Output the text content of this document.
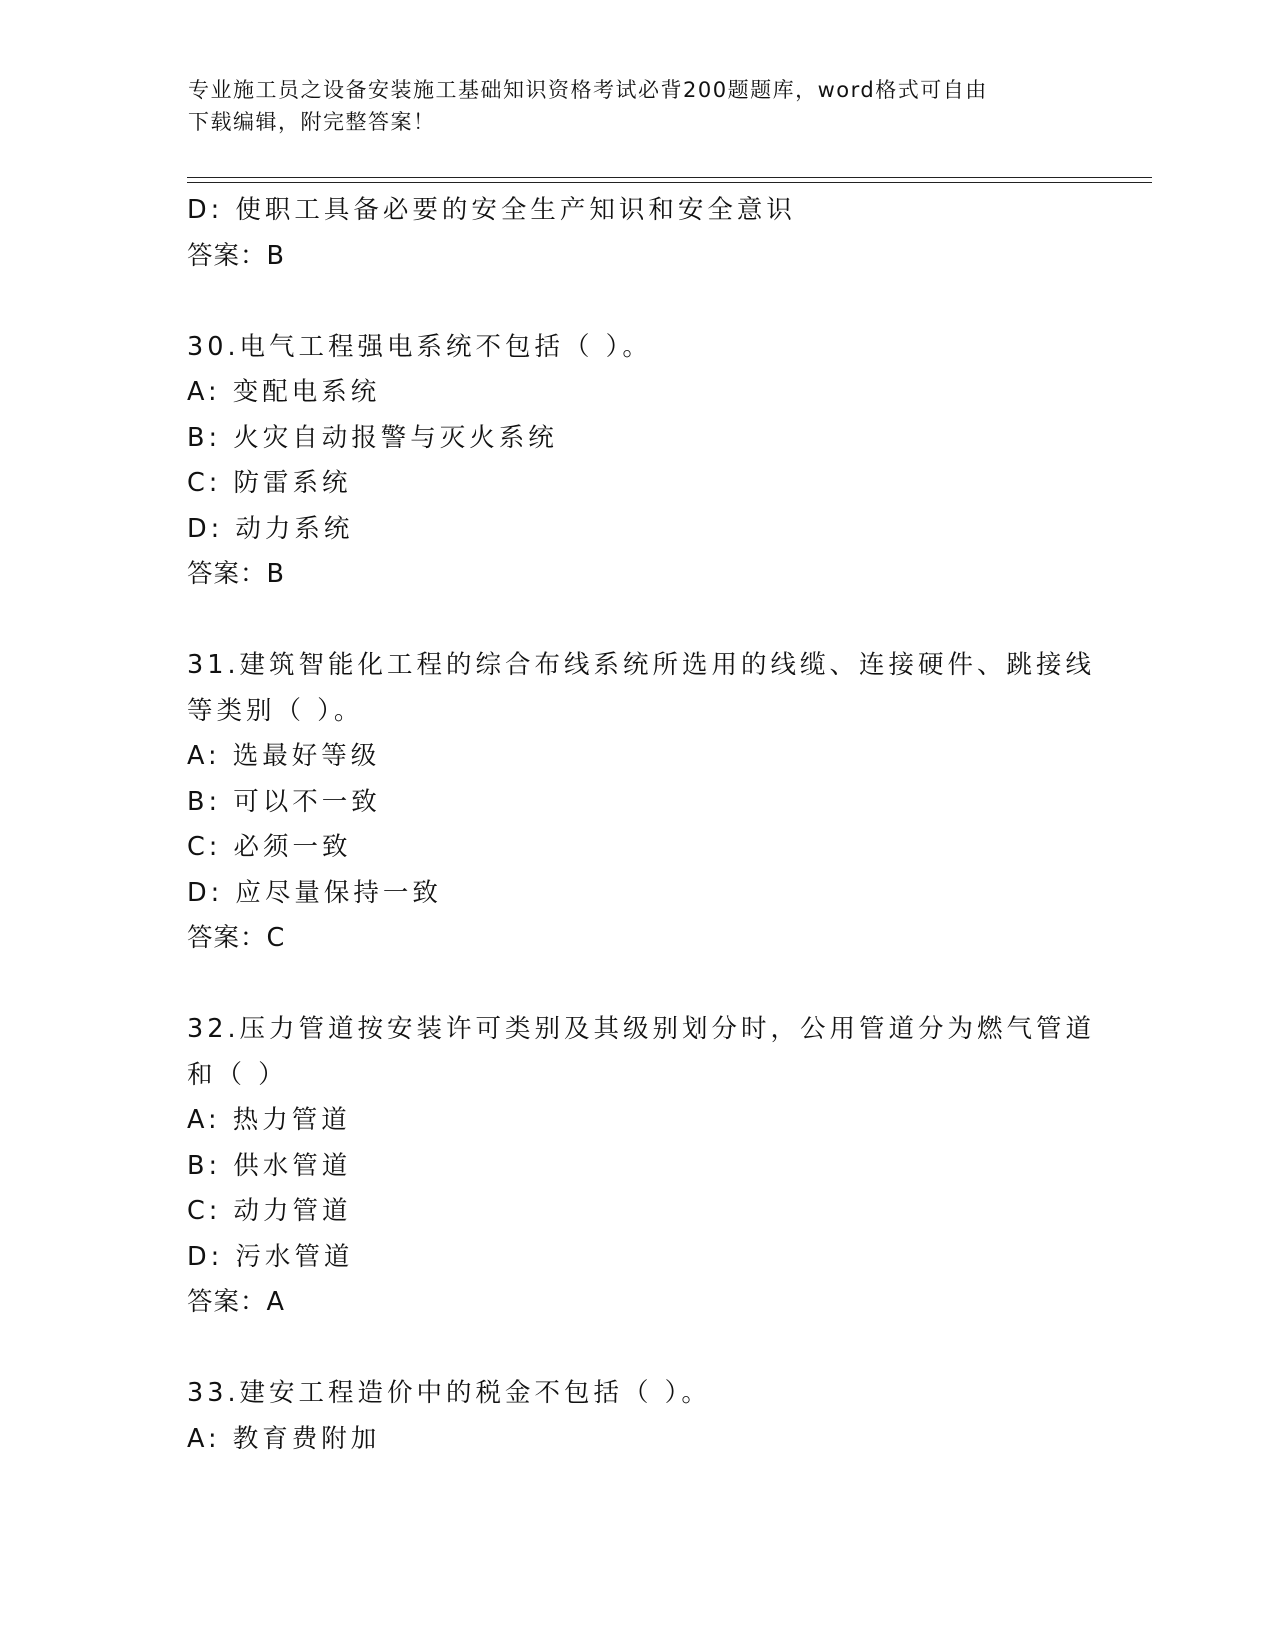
专业施工员之设备安装施工基础知识资格考试必背200题题库，word格式可自由
下载编辑，附完整答案！
D: 使职工具备必要的安全生产知识和安全意识
答案：B
30.电气工程强电系统不包括（ ）。
A: 变配电系统
B: 火灾自动报警与灭火系统
C: 防雷系统
D: 动力系统
答案：B
31.建筑智能化工程的综合布线系统所选用的线缆、连接硬件、跳接线
等类别（ ）。
A: 选最好等级
B: 可以不一致
C: 必须一致
D: 应尽量保持一致
答案：C
32.压力管道按安装许可类别及其级别划分时，公用管道分为燃气管道
和（ ）
A: 热力管道
B: 供水管道
C: 动力管道
D: 污水管道
答案：A
33.建安工程造价中的税金不包括（ ）。
A: 教育费附加
